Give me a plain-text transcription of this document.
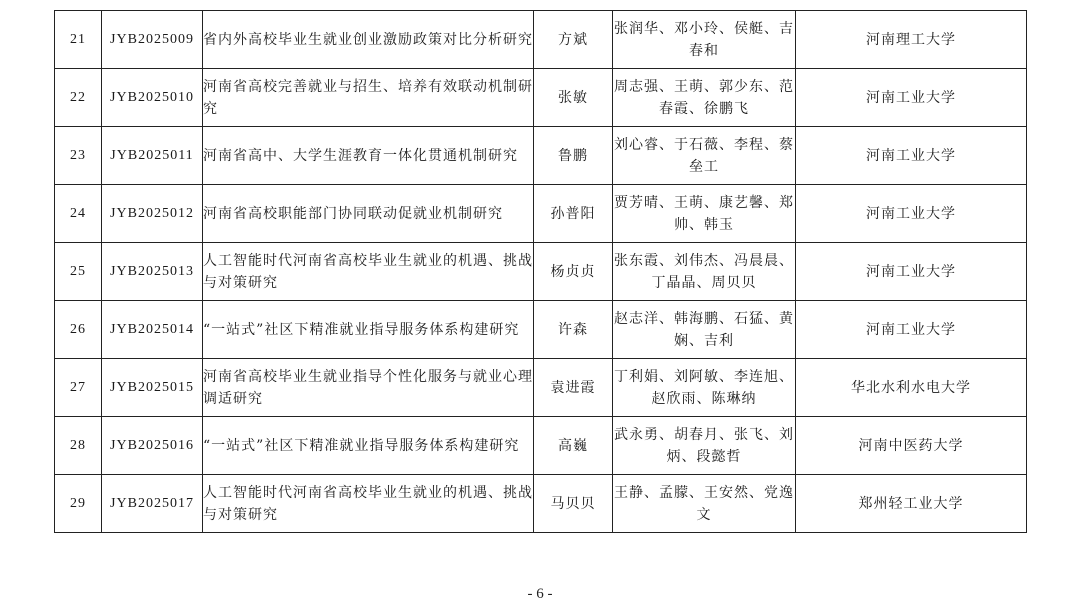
21	JYB2025009	省内外高校毕业生就业创业激励政策对比分析研究	方斌	张润华、邓小玲、侯艇、吉春和	河南理工大学
22	JYB2025010	河南省高校完善就业与招生、培养有效联动机制研究	张敏	周志强、王萌、郭少东、范春霞、徐鹏飞	河南工业大学
23	JYB2025011	河南省高中、大学生涯教育一体化贯通机制研究	鲁鹏	刘心睿、于石薇、李程、蔡垒工	河南工业大学
24	JYB2025012	河南省高校职能部门协同联动促就业机制研究	孙普阳	贾芳晴、王萌、康艺馨、郑帅、韩玉	河南工业大学
25	JYB2025013	人工智能时代河南省高校毕业生就业的机遇、挑战与对策研究	杨贞贞	张东霞、刘伟杰、冯晨晨、丁晶晶、周贝贝	河南工业大学
26	JYB2025014	“一站式”社区下精准就业指导服务体系构建研究	许森	赵志洋、韩海鹏、石猛、黄娴、吉利	河南工业大学
27	JYB2025015	河南省高校毕业生就业指导个性化服务与就业心理调适研究	袁进霞	丁利娟、刘阿敏、李连旭、赵欣雨、陈琳纳	华北水利水电大学
28	JYB2025016	“一站式”社区下精准就业指导服务体系构建研究	高巍	武永勇、胡春月、张飞、刘炳、段懿哲	河南中医药大学
29	JYB2025017	人工智能时代河南省高校毕业生就业的机遇、挑战与对策研究	马贝贝	王静、孟朦、王安然、党逸文	郑州轻工业大学
- 6 -
